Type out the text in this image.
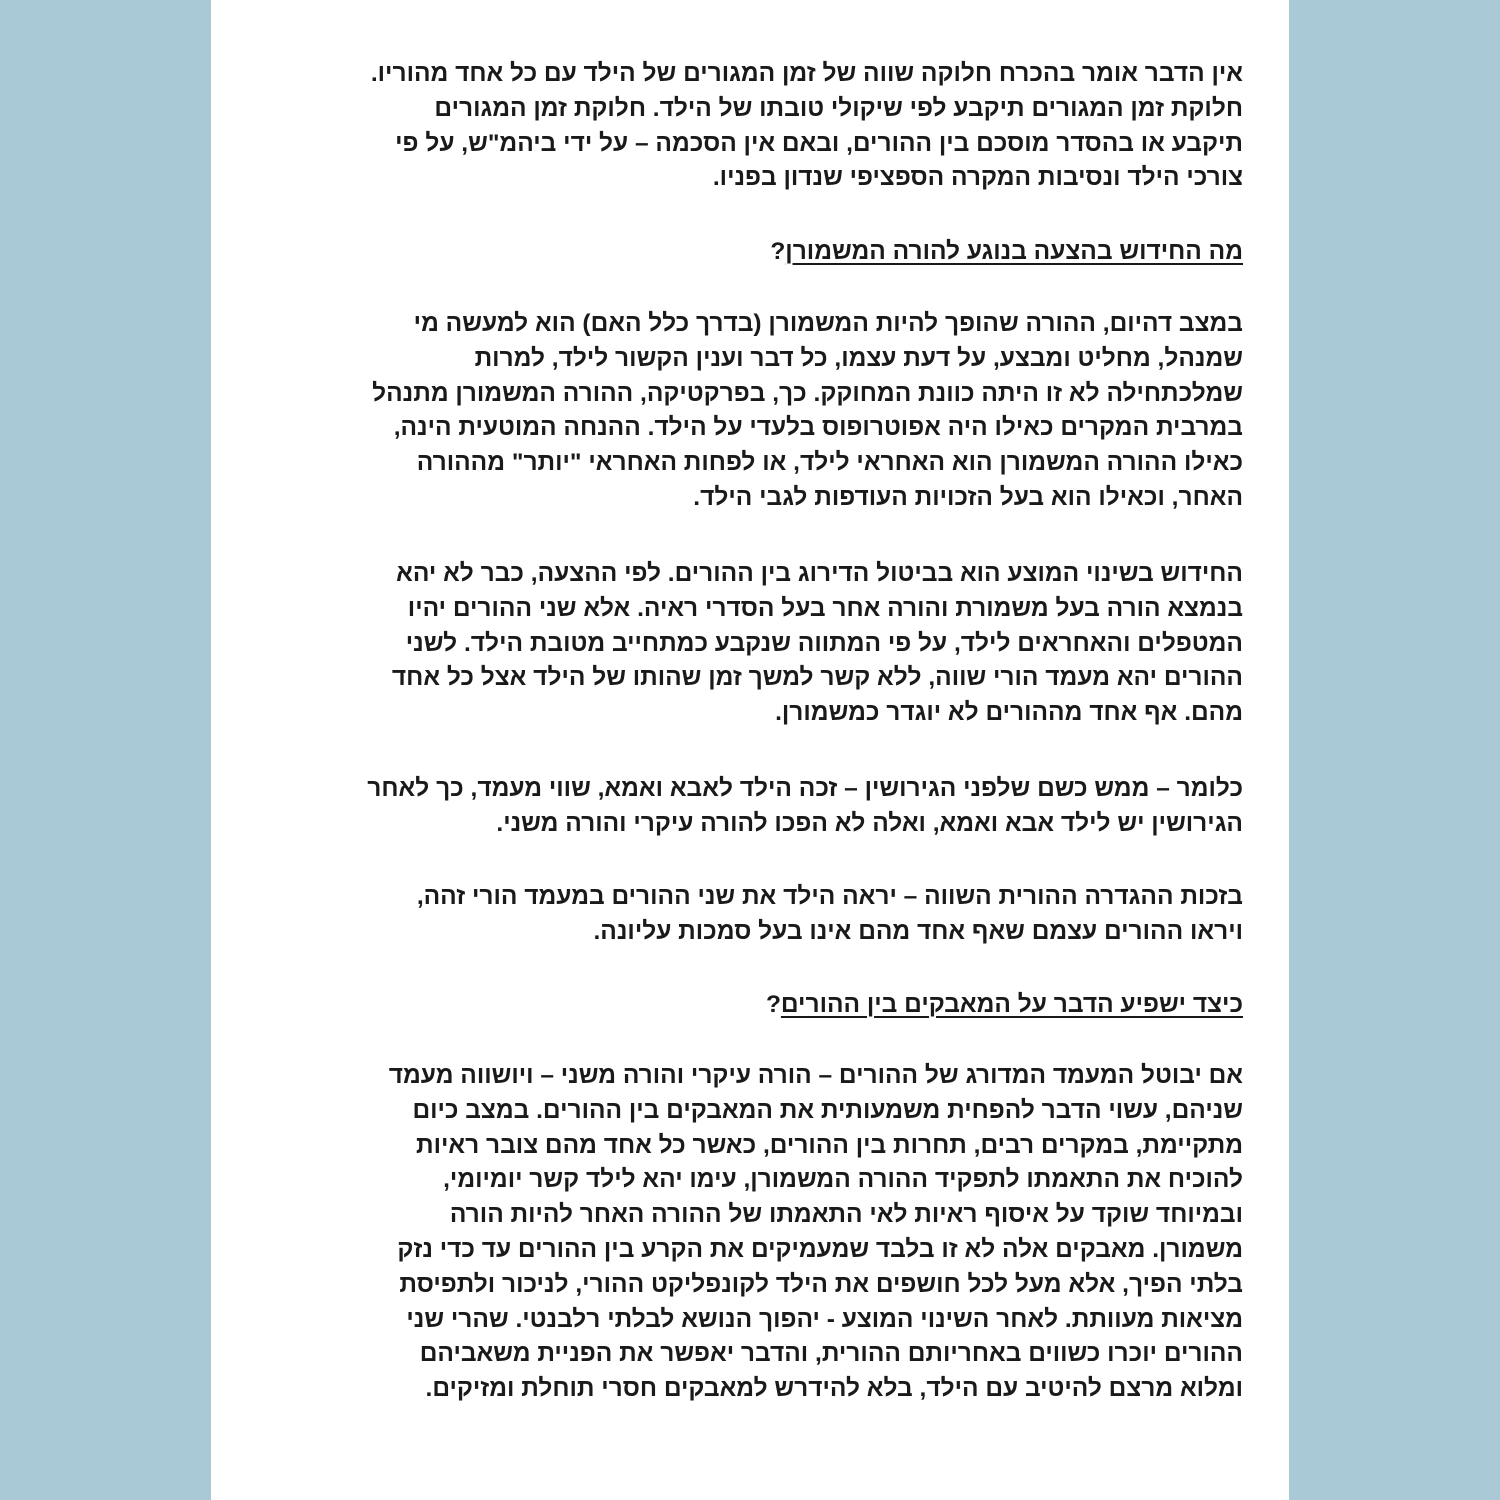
אין הדבר אומר בהכרח חלוקה שווה של זמן המגורים של הילד עם כל אחד מהוריו.
חלוקת זמן המגורים תיקבע לפי שיקולי טובתו של הילד. חלוקת זמן המגורים
תיקבע או בהסדר מוסכם בין ההורים, ובאם אין הסכמה – על ידי ביהמ"ש, על פי
צורכי הילד ונסיבות המקרה הספציפי שנדון בפניו.
מה החידוש בהצעה בנוגע להורה המשמורן?
במצב דהיום, ההורה שהופך להיות המשמורן (בדרך כלל האם) הוא למעשה מי
שמנהל, מחליט ומבצע, על דעת עצמו, כל דבר וענין הקשור לילד, למרות
שמלכתחילה לא זו היתה כוונת המחוקק. כך, בפרקטיקה, ההורה המשמורן מתנהל
במרבית המקרים כאילו היה אפוטרופוס בלעדי על הילד. ההנחה המוטעית הינה,
כאילו ההורה המשמורן הוא האחראי לילד, או לפחות האחראי "יותר" מההורה
האחר, וכאילו הוא בעל הזכויות העודפות לגבי הילד.
החידוש בשינוי המוצע הוא בביטול הדירוג בין ההורים. לפי ההצעה, כבר לא יהא
בנמצא הורה בעל משמורת והורה אחר בעל הסדרי ראיה. אלא שני ההורים יהיו
המטפלים והאחראים לילד, על פי המתווה שנקבע כמתחייב מטובת הילד. לשני
ההורים יהא מעמד הורי שווה, ללא קשר למשך זמן שהותו של הילד אצל כל אחד
מהם. אף אחד מההורים לא יוגדר כמשמורן.
כלומר – ממש כשם שלפני הגירושין – זכה הילד לאבא ואמא, שווי מעמד, כך לאחר
הגירושין יש לילד אבא ואמא, ואלה לא הפכו להורה עיקרי והורה משני.
בזכות ההגדרה ההורית השווה – יראה הילד את שני ההורים במעמד הורי זהה,
ויראו ההורים עצמם שאף אחד מהם אינו בעל סמכות עליונה.
כיצד ישפיע הדבר על המאבקים בין ההורים?
אם יבוטל המעמד המדורג של ההורים – הורה עיקרי והורה משני – ויושווה מעמד
שניהם, עשוי הדבר להפחית משמעותית את המאבקים בין ההורים. במצב כיום
מתקיימת, במקרים רבים, תחרות בין ההורים, כאשר כל אחד מהם צובר ראיות
להוכיח את התאמתו לתפקיד ההורה המשמורן, עימו יהא לילד קשר יומיומי,
ובמיוחד שוקד על איסוף ראיות לאי התאמתו של ההורה האחר להיות הורה
משמורן. מאבקים אלה לא זו בלבד שמעמיקים את הקרע בין ההורים עד כדי נזק
בלתי הפיך, אלא מעל לכל חושפים את הילד לקונפליקט ההורי, לניכור ולתפיסת
מציאות מעוותת. לאחר השינוי המוצע - יהפוך הנושא לבלתי רלבנטי. שהרי שני
ההורים יוכרו כשווים באחריותם ההורית, והדבר יאפשר את הפניית משאביהם
ומלוא מרצם להיטיב עם הילד, בלא להידרש למאבקים חסרי תוחלת ומזיקים.
